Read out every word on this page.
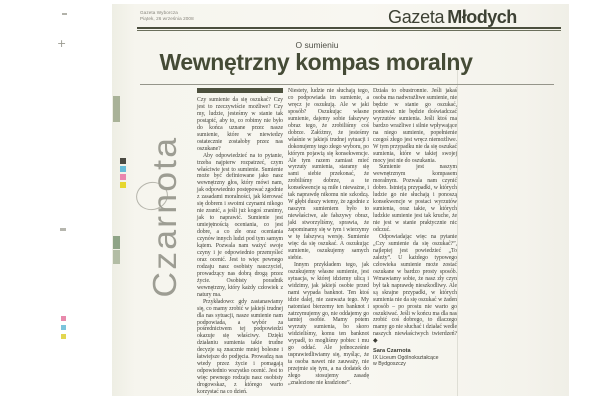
+
Gazeta Wyborcza
Piątek, 26 września 2008	Gazeta Młodych
O sumieniu
Wewnętrzny kompas moralny
Czarnota

Czy sumienie da się oszukać? Czy jest to rzeczywiście możliwe? Czy my, ludzie, jesteśmy w stanie tak postąpić, aby to, co robimy nie było do końca uznane przez nasze sumienie, które w niewiedzy ostatecznie zostałoby przez nas oszukane?

Aby odpowiedzieć na to pytanie, trzeba najpierw rozpatrzeć, czym właściwie jest to sumienie. Sumienie może być definiowane jako nasz wewnętrzny głos, który mówi nam, jak odpowiednio postępować zgodnie z zasadami moralności, jak kierować się dobrem i swoimi czynami nikogo nie zranić, a jeśli już kogoś zranimy, jak to naprawić. Sumienie jest umiejętnością oceniania, co jest dobre, a co złe oraz oceniania czynów innych ludzi pod tym samym kątem. Pozwala nam ważyć swoje czyny i je odpowiednio przemyśleć oraz ocenić. Jest to więc pewnego rodzaju nasz osobisty nauczyciel, prowadzący nas dobrą drogą przez życie. Osobisty poradnik wewnętrzny, który każdy człowiek z natury ma.

Przykładowo: gdy zastanawiamy się, co mamy zrobić w jakiejś trudnej dla nas sytuacji, nasze sumienie nam podpowiada, a wybór za pośrednictwem tej podpowiedzi okazuje się właściwy. Dzięki działaniu sumienia takie trudne decyzje są znacznie mniej bolesne i łatwiejsze do podjęcia. Prowadzą nas wtedy przez życie i pomagają odpowiednio wszystko ocenić. Jest to więc pewnego rodzaju nasz osobisty drogowskaz, z którego warto korzystać na co dzień.

Niestety, ludzie nie słuchają tego, co podpowiada im sumienie, a wręcz je oszukują. Ale w jaki sposób? Oszukując własne sumienie, dajemy sobie fałszywy obraz tego, że zrobiliśmy coś dobrze. Załóżmy, że jesteśmy właśnie w jakiejś trudnej sytuacji i dokonujemy tego złego wyboru, po którym pojawią się konsekwencje. Ale tym razem zamiast mieć wyrzuty sumienia, staramy się sami siebie przekonać, że zrobiliśmy dobrze, a te konsekwencje są miłe i nieważne, i tak naprawdę nikomu nie szkodzą. W głębi duszy wiemy, że zgodnie z naszym sumieniem było to niewłaściwe, ale fałszywy obraz, jaki stworzyliśmy, sprawia, że zapominamy się w tym i wierzymy w tę fałszywą wersję. Sumienie więc da się oszukać. A oszukując sumienie, oszukujemy samych siebie.

Innym przykładem tego, jak oszukujemy własne sumienie, jest sytuacja, w której idziemy ulicą i widzimy, jak jakiejś osobie przed nami wypada banknot. Ten ktoś idzie dalej, nie zauważa tego. My natomiast bierzemy ten banknot i zatrzymujemy go, nie oddajemy go tamtej osobie. Mamy potem wyrzuty sumienia, bo skoro widzieliśmy, komu ten banknot wypadł, to mogliśmy pobiec i mu go oddać. Ale jednocześnie usprawiedliwiamy się, myśląc, że ta osoba nawet nie zauważy, nie przejmie się tym, a na dodatek do złego stosujemy zasadę „znalezione nie kradzione”.

Działa to obustronnie. Jeśli jakaś osoba ma nadwrażliwe sumienie, nie będzie w stanie go oszukać, ponieważ nie będzie doświadczać wyrzutów sumienia. Jeśli ktoś ma bardzo wrażliwe i silnie wpływające na niego sumienie, popełnienie czegoś złego jest wręcz niemożliwe. W tym przypadku nie da się oszukać sumienia, które w takiej swojej mocy jest nie do oszukania.

Sumienie jest naszym wewnętrznym kompasem moralnym. Pozwala nam czynić dobro. Istnieją przypadki, w których ludzie go nie słuchają i ponoszą konsekwencje w postaci wyrzutów sumienia, oraz takie, w których ludzkie sumienie jest tak kruche, że nie jest w stanie praktycznie nic odczuć.

Odpowiadając więc na pytanie „Czy sumienie da się oszukać?”, najlepiej jest powiedzieć „To zależy”. U każdego typowego człowieka sumienie może zostać oszukane w bardzo prosty sposób. Wmawiamy sobie, że nasz zły czyn był tak naprawdę nieszkodliwy. Ale są skrajne przypadki, w których sumienia nie da się oszukać w żaden sposób – po prostu nie warto go oszukiwać. Jeśli w końcu ma dla nas zrobić coś dobrego, to dlaczego mamy go nie słuchać i działać wedle naszych niewłaściwych twierdzeń? ◆

Sara Czarnota
IX Liceum Ogólnokształcące
w Bydgoszczy
